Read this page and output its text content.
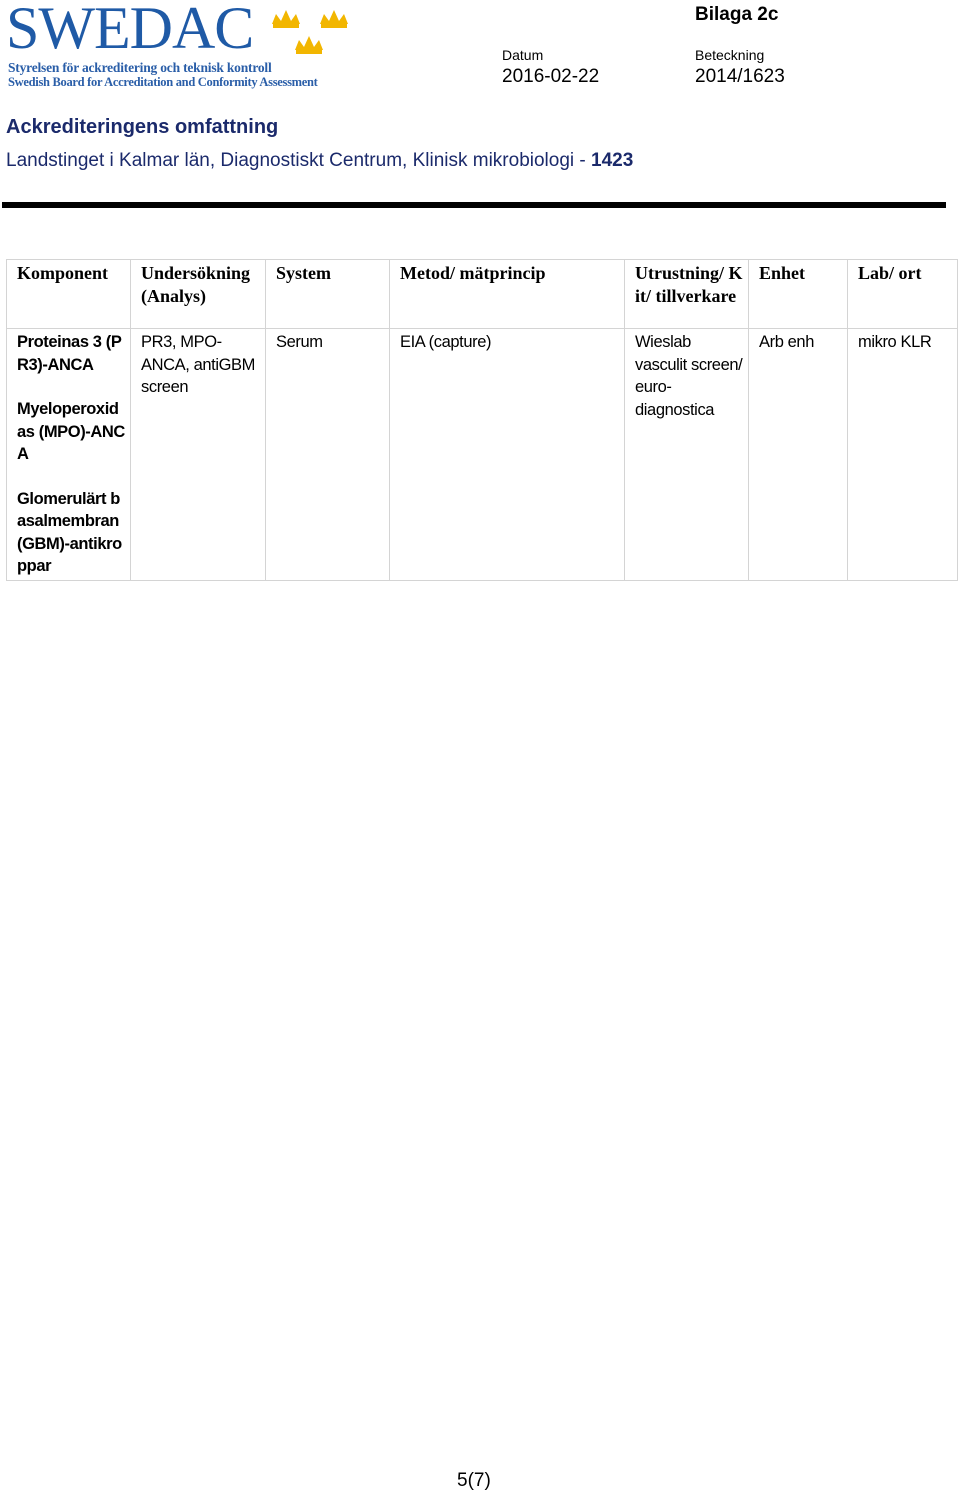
SWEDAC
Styrelsen för ackreditering och teknisk kontroll
Swedish Board for Accreditation and Conformity Assessment
Bilaga 2c
Datum
2016-02-22
Beteckning
2014/1623
Ackrediteringens omfattning
Landstinget i Kalmar län, Diagnostiskt Centrum, Klinisk mikrobiologi - 1423
Komponent	Undersökning (Analys)	System	Metod/ mätprincip	Utrustning/ Kit/ tillverkare	Enhet	Lab/ ort

Proteinas 3 (PR3)-ANCA
Myeloperoxidas (MPO)-ANCA
Glomerulärt basalmembran (GBM)-antikroppar	PR3, MPO-ANCA, antiGBM screen	Serum	EIA (capture)	Wieslab vasculit screen/ euro-diagnostica	Arb enh	mikro KLR
5(7)
